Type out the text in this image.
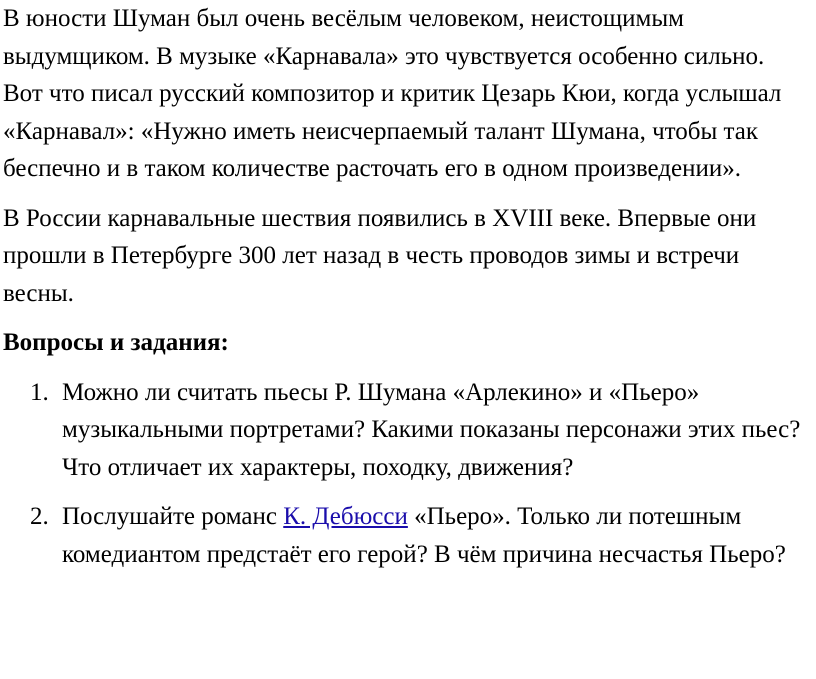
В юности Шуман был очень весёлым человеком, неистощимым выдумщиком. В музыке «Карнавала» это чувствуется особенно сильно. Вот что писал русский композитор и критик Цезарь Кюи, когда услышал «Карнавал»: «Нужно иметь неисчерпаемый талант Шумана, чтобы так беспечно и в таком количестве расточать его в одном произведении».

В России карнавальные шествия появились в XVIII веке. Впервые они прошли в Петербурге 300 лет назад в честь проводов зимы и встречи весны.

Вопросы и задания:

1. Можно ли считать пьесы Р. Шумана «Арлекино» и «Пьеро» музыкальными портретами? Какими показаны персонажи этих пьес? Что отличает их характеры, походку, движения?
2. Послушайте романс К. Дебюсси «Пьеро». Только ли потешным комедиантом предстаёт его герой? В чём причина несчастья Пьеро?
